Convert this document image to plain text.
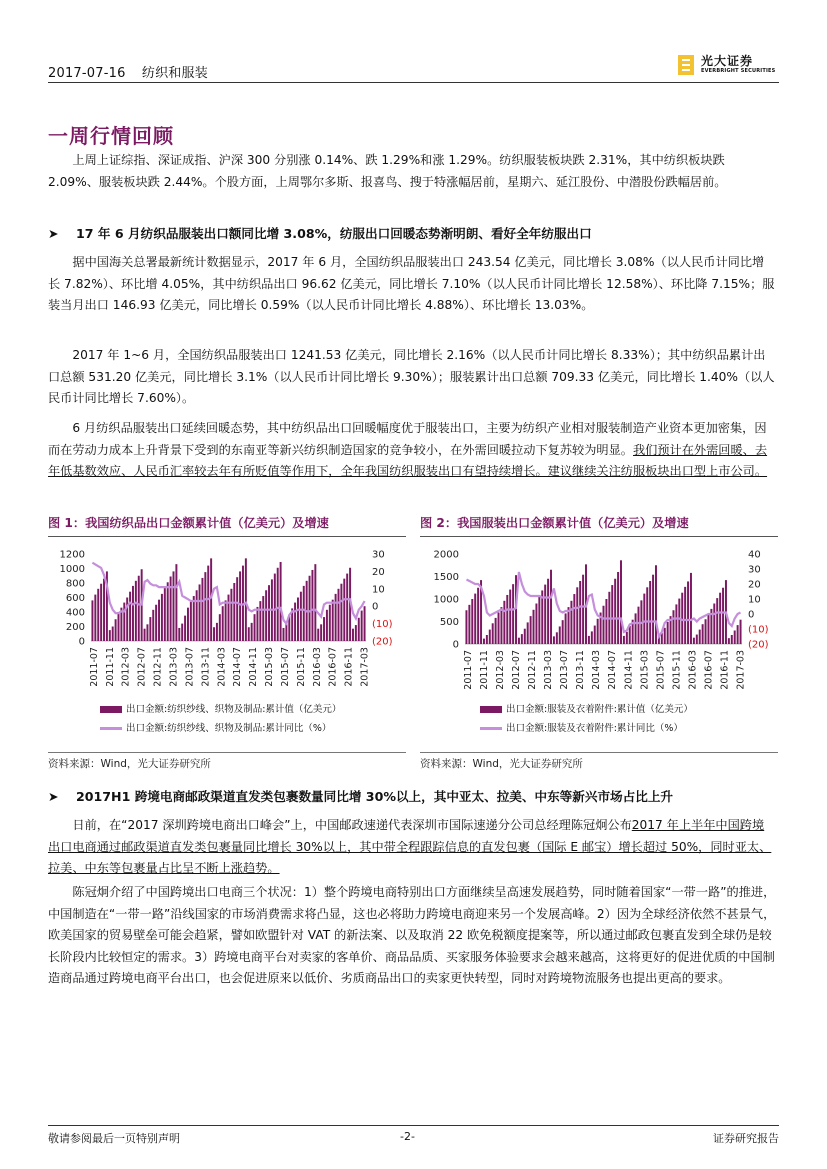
2017-07-16 纺织和服装
光大证券
EVERBRIGHT SECURITIES
一周行情回顾

上周上证综指、深证成指、沪深 300 分别涨 0.14%、跌 1.29%和涨 1.29%。纺织服装板块跌 2.31%，其中纺织板块跌 2.09%、服装板块跌 2.44%。个股方面，上周鄂尔多斯、报喜鸟、搜于特涨幅居前，星期六、延江股份、中潜股份跌幅居前。

➤ 17 年 6 月纺织品服装出口额同比增 3.08%，纺服出口回暖态势渐明朗、看好全年纺服出口

据中国海关总署最新统计数据显示，2017 年 6 月，全国纺织品服装出口 243.54 亿美元，同比增长 3.08%（以人民币计同比增长 7.82%）、环比增 4.05%，其中纺织品出口 96.62 亿美元，同比增长 7.10%（以人民币计同比增长 12.58%）、环比降 7.15%；服装当月出口 146.93 亿美元，同比增长 0.59%（以人民币计同比增长 4.88%）、环比增长 13.03%。

2017 年 1~6 月，全国纺织品服装出口 1241.53 亿美元，同比增长 2.16%（以人民币计同比增长 8.33%）；其中纺织品累计出口总额 531.20 亿美元，同比增长 3.1%（以人民币计同比增长 9.30%）；服装累计出口总额 709.33 亿美元，同比增长 1.40%（以人民币计同比增长 7.60%）。

6 月纺织品服装出口延续回暖态势，其中纺织品出口回暖幅度优于服装出口，主要为纺织产业相对服装制造产业资本更加密集，因而在劳动力成本上升背景下受到的东南亚等新兴纺织制造国家的竞争较小，在外需回暖拉动下复苏较为明显。我们预计在外需回暖、去年低基数效应、人民币汇率较去年有所贬值等作用下，全年我国纺织服装出口有望持续增长。建议继续关注纺服板块出口型上市公司。

图 1：我国纺织品出口金额累计值（亿美元）及增速	图 2：我国服装出口金额累计值（亿美元）及增速
1200
1000
800
600
400
200
0
30
20
10
0
(10)
(20)
2011-07 2011-11 2012-03 2012-07 2012-11 2013-03 2013-07 2013-11 2014-03 2014-07 2014-11 2015-03 2015-07 2015-11 2016-03 2016-07 2016-11 2017-03
2000
1500
1000
500
0
40
30
20
10
0
(10)
(20)
2011-07 2011-11 2012-03 2012-07 2012-11 2013-03 2013-07 2013-11 2014-03 2014-07 2014-11 2015-03 2015-07 2015-11 2016-03 2016-07 2016-11 2017-03
出口金额:纺织纱线、织物及制品:累计值（亿美元）
出口金额:纺织纱线、织物及制品:累计同比（%）
出口金额:服装及衣着附件:累计值（亿美元）
出口金额:服装及衣着附件:累计同比（%）
资料来源：Wind，光大证券研究所	资料来源：Wind，光大证券研究所
➤ 2017H1 跨境电商邮政渠道直发类包裹数量同比增 30%以上，其中亚太、拉美、中东等新兴市场占比上升

日前，在“2017 深圳跨境电商出口峰会”上，中国邮政速递代表深圳市国际速递分公司总经理陈冠炯公布2017 年上半年中国跨境出口电商通过邮政渠道直发类包裹量同比增长 30%以上，其中带全程跟踪信息的直发包裹（国际 E 邮宝）增长超过 50%，同时亚太、拉美、中东等包裹量占比呈不断上涨趋势。

陈冠炯介绍了中国跨境出口电商三个状况：1）整个跨境电商特别出口方面继续呈高速发展趋势，同时随着国家“一带一路”的推进，中国制造在“一带一路”沿线国家的市场消费需求将凸显，这也必将助力跨境电商迎来另一个发展高峰。2）因为全球经济依然不甚景气，欧美国家的贸易壁垒可能会趋紧，譬如欧盟针对 VAT 的新法案、以及取消 22 欧免税额度提案等，所以通过邮政包裹直发到全球仍是较长阶段内比较恒定的需求。3）跨境电商平台对卖家的客单价、商品品质、买家服务体验要求会越来越高，这将更好的促进优质的中国制造商品通过跨境电商平台出口，也会促进原来以低价、劣质商品出口的卖家更快转型，同时对跨境物流服务也提出更高的要求。

敬请参阅最后一页特别声明	-2-	证券研究报告
